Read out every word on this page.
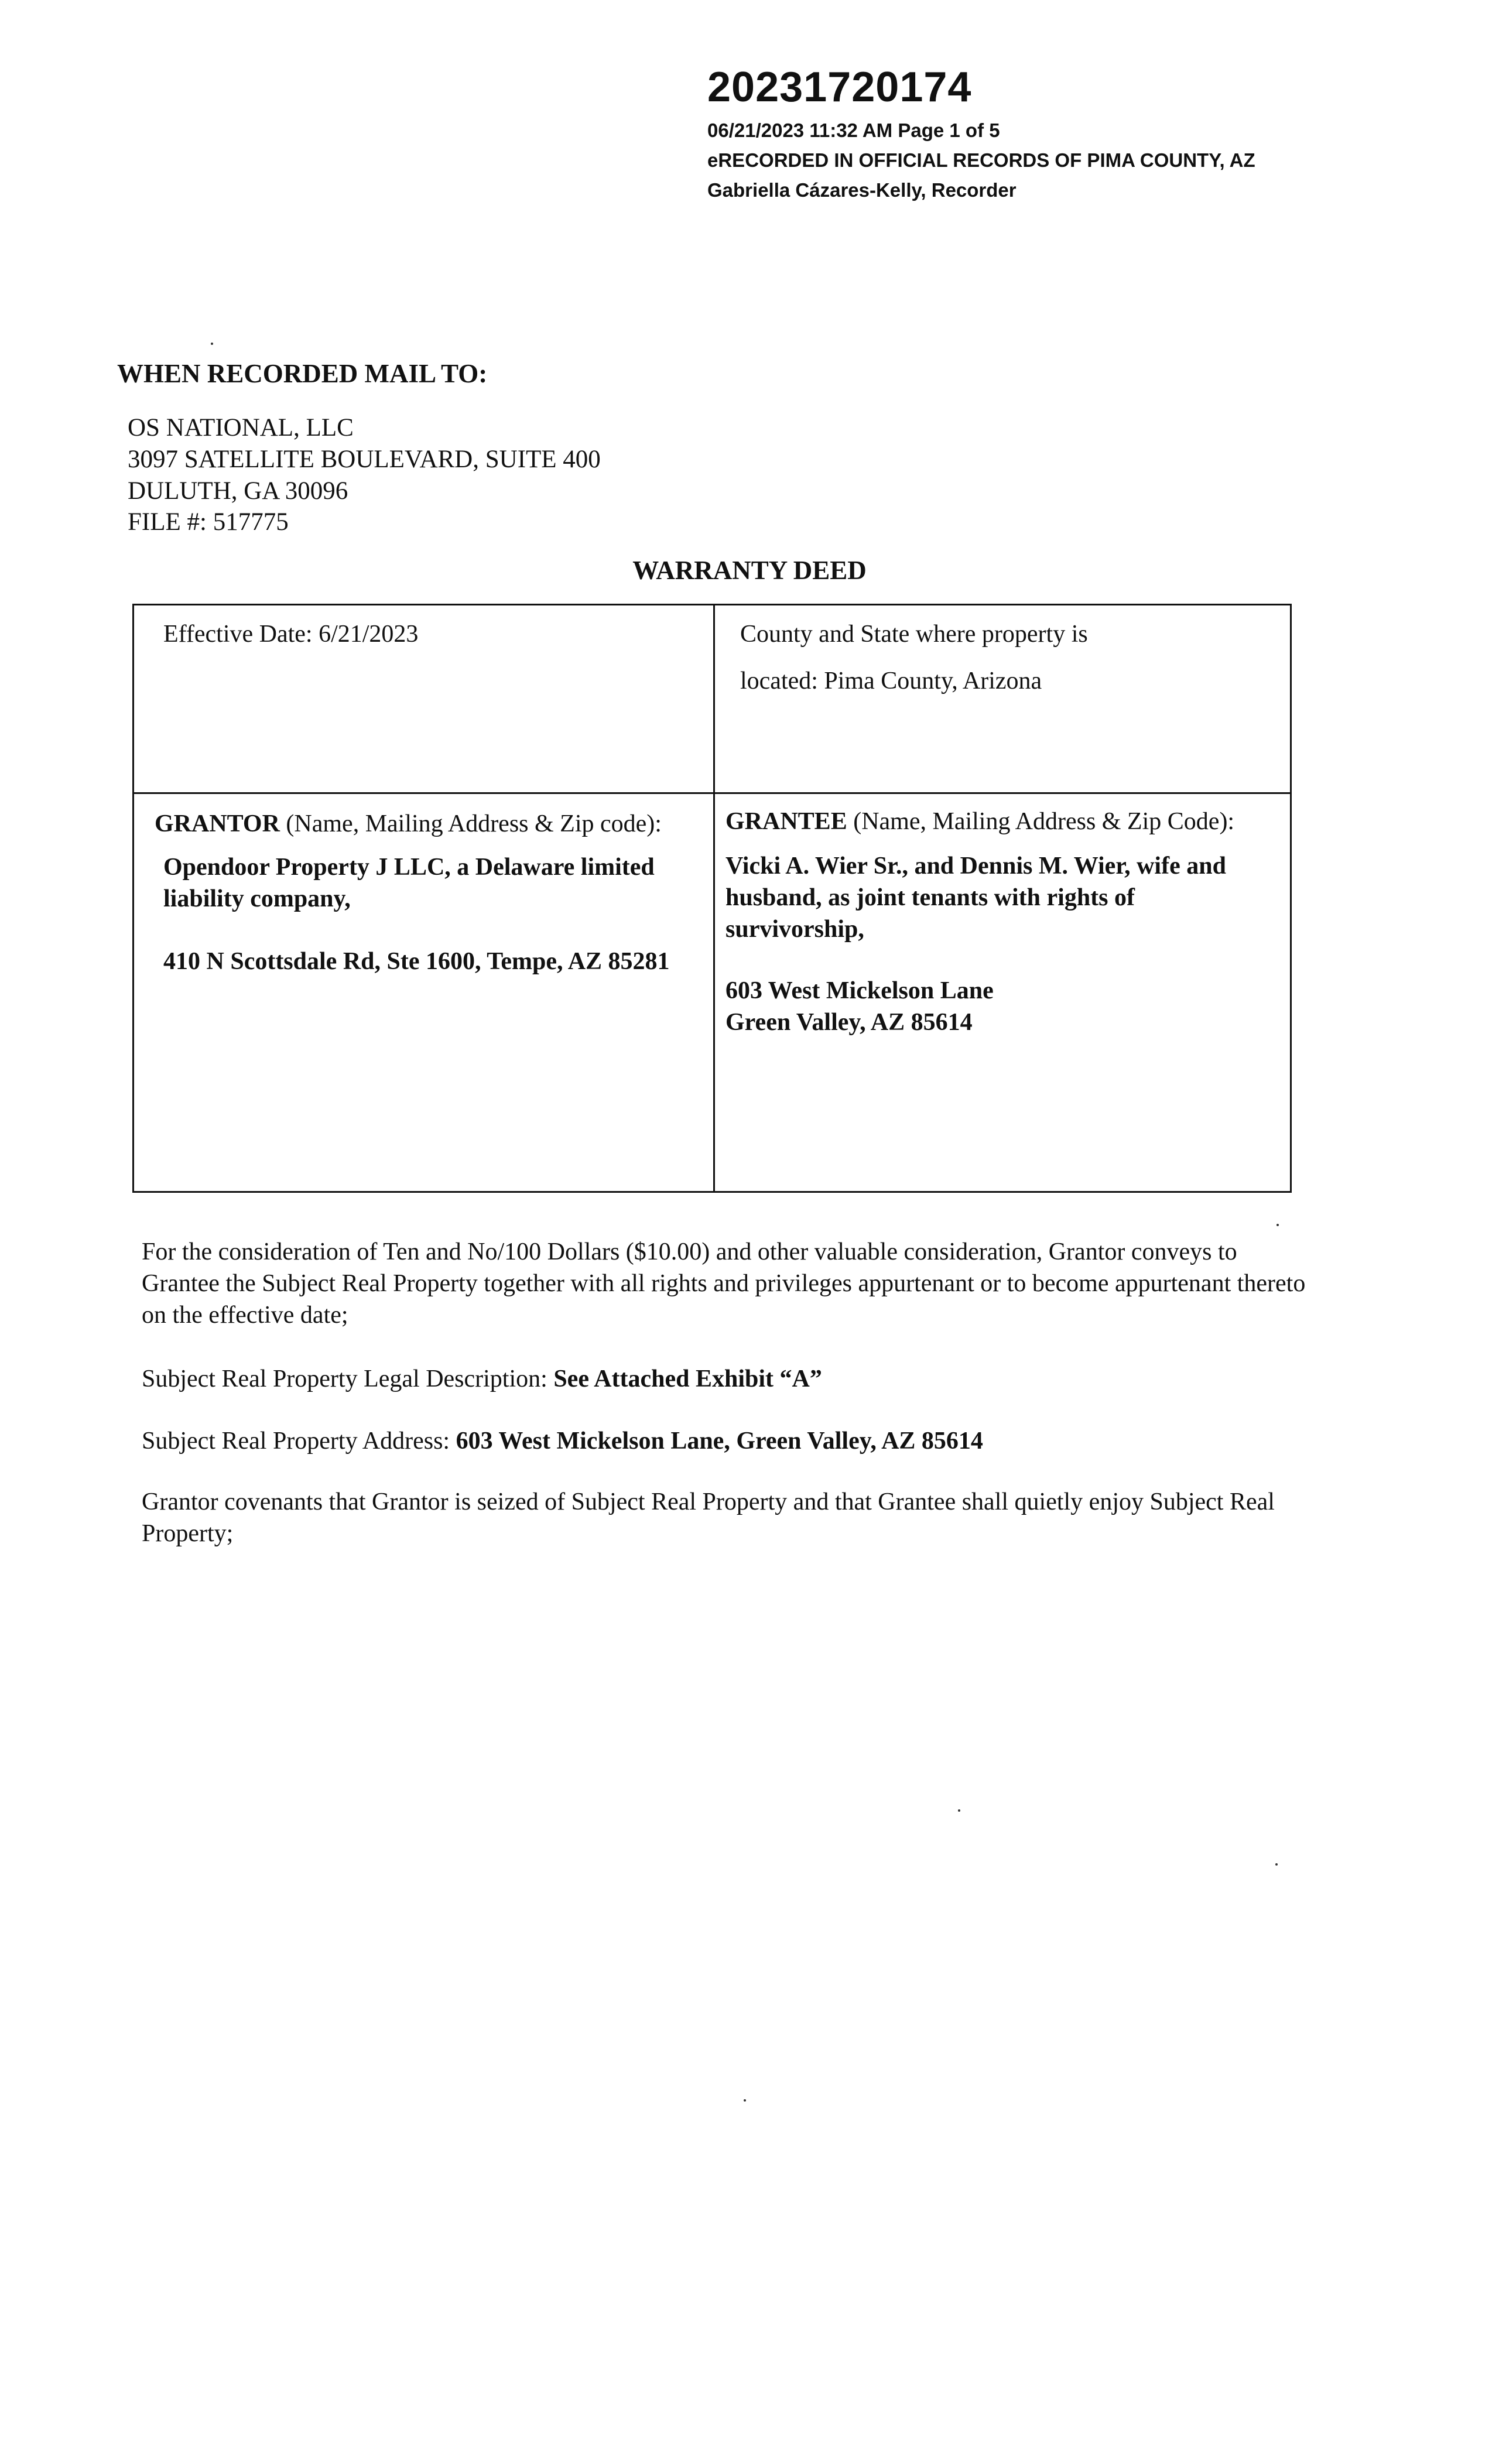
20231720174
06/21/2023 11:32 AM Page 1 of 5
eRECORDED IN OFFICIAL RECORDS OF PIMA COUNTY, AZ
Gabriella Cázares-Kelly, Recorder
WHEN RECORDED MAIL TO:
OS NATIONAL, LLC
3097 SATELLITE BOULEVARD, SUITE 400
DULUTH, GA 30096
FILE #: 517775
WARRANTY DEED
Effective Date: 6/21/2023	County and State where property is
located: Pima County, Arizona
GRANTOR (Name, Mailing Address & Zip code):
Opendoor Property J LLC, a Delaware limited liability company,
410 N Scottsdale Rd, Ste 1600, Tempe, AZ 85281
GRANTEE (Name, Mailing Address & Zip Code):
Vicki A. Wier Sr., and Dennis M. Wier, wife and husband, as joint tenants with rights of survivorship,
603 West Mickelson Lane
Green Valley, AZ 85614
For the consideration of Ten and No/100 Dollars ($10.00) and other valuable consideration, Grantor conveys to Grantee the Subject Real Property together with all rights and privileges appurtenant or to become appurtenant thereto on the effective date;
Subject Real Property Legal Description: See Attached Exhibit “A”
Subject Real Property Address: 603 West Mickelson Lane, Green Valley, AZ 85614
Grantor covenants that Grantor is seized of Subject Real Property and that Grantee shall quietly enjoy Subject Real Property;
